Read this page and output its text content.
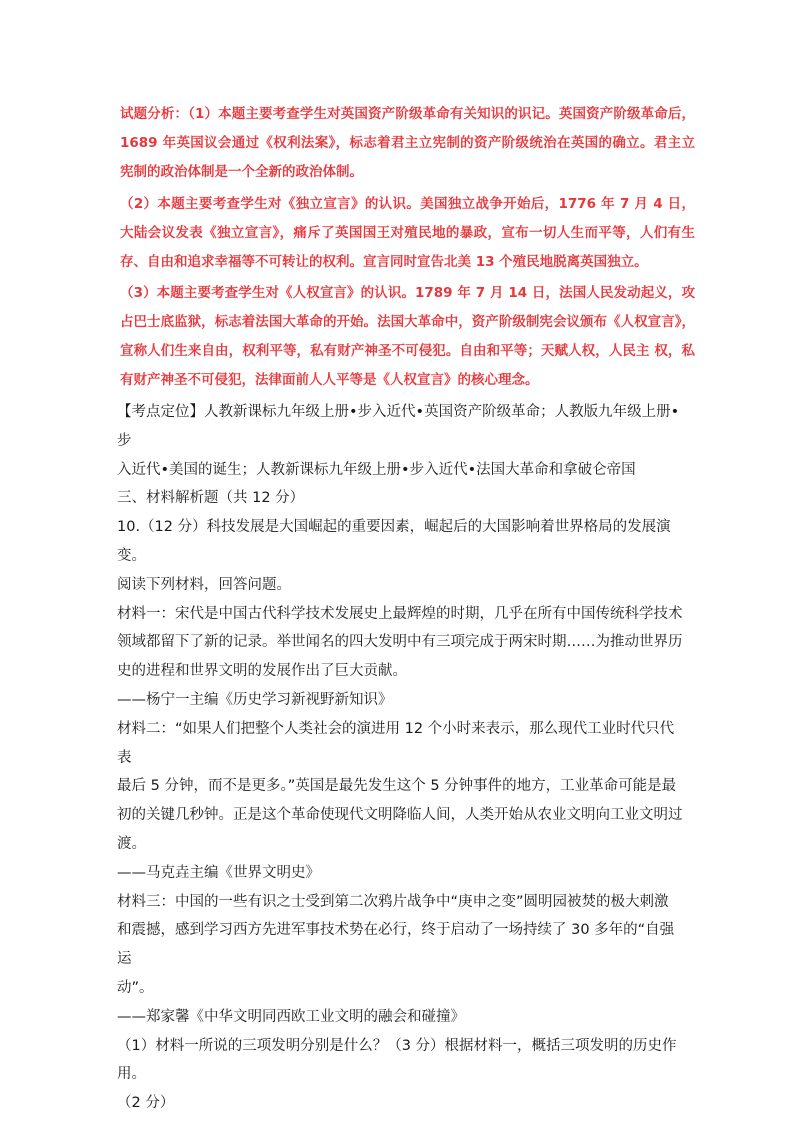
试题分析：（1）本题主要考查学生对英国资产阶级革命有关知识的识记。英国资产阶级革命后，1689 年英国议会通过《权利法案》，标志着君主立宪制的资产阶级统治在英国的确立。君主立宪制的政治体制是一个全新的政治体制。

（2）本题主要考查学生对《独立宣言》的认识。美国独立战争开始后，1776 年 7 月 4 日，大陆会议发表《独立宣言》，痛斥了英国国王对殖民地的暴政，宣布一切人生而平等，人们有生存、自由和追求幸福等不可转让的权利。宣言同时宣告北美 13 个殖民地脱离英国独立。

（3）本题主要考查学生对《人权宣言》的认识。1789 年 7 月 14 日，法国人民发动起义，攻占巴士底监狱，标志着法国大革命的开始。法国大革命中，资产阶级制宪会议颁布《人权宣言》，宣称人们生来自由，权利平等，私有财产神圣不可侵犯。自由和平等；天赋人权，人民主 权，私有财产神圣不可侵犯，法律面前人人平等是《人权宣言》的核心理念。

【考点定位】人教新课标九年级上册•步入近代•英国资产阶级革命；人教版九年级上册•步

入近代•美国的诞生；人教新课标九年级上册•步入近代•法国大革命和拿破仑帝国

三、材料解析题（共 12 分）

10.（12 分）科技发展是大国崛起的重要因素，崛起后的大国影响着世界格局的发展演变。

阅读下列材料，回答问题。

材料一：宋代是中国古代科学技术发展史上最辉煌的时期，几乎在所有中国传统科学技术

领域都留下了新的记录。举世闻名的四大发明中有三项完成于两宋时期……为推动世界历

史的进程和世界文明的发展作出了巨大贡献。

——杨宁一主编《历史学习新视野新知识》

材料二：“如果人们把整个人类社会的演进用 12 个小时来表示，那么现代工业时代只代表

最后 5 分钟，而不是更多。”英国是最先发生这个 5 分钟事件的地方，工业革命可能是最

初的关键几秒钟。正是这个革命使现代文明降临人间，人类开始从农业文明向工业文明过

渡。

——马克垚主编《世界文明史》

材料三：中国的一些有识之士受到第二次鸦片战争中“庚申之变”圆明园被焚的极大刺激

和震撼，感到学习西方先进军事技术势在必行，终于启动了一场持续了 30 多年的“自强运

动”。

——郑家馨《中华文明同西欧工业文明的融会和碰撞》

（1）材料一所说的三项发明分别是什么？（3 分）根据材料一，概括三项发明的历史作用。

（2 分）
